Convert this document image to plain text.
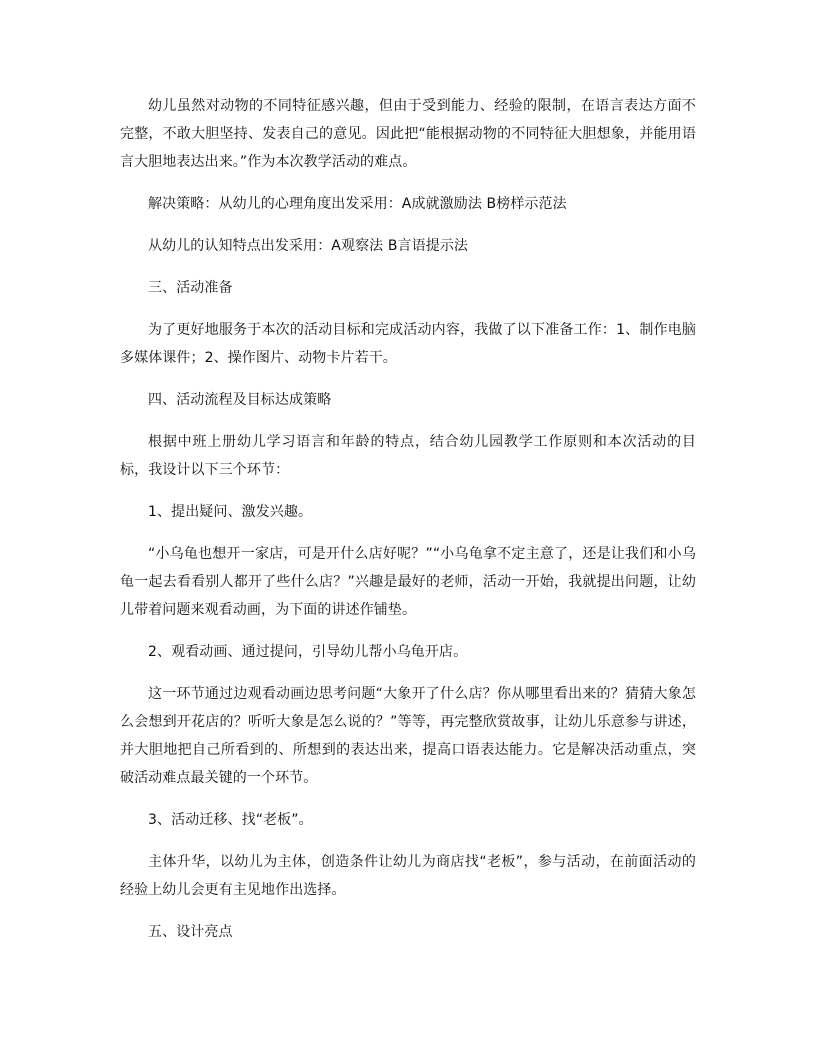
幼儿虽然对动物的不同特征感兴趣，但由于受到能力、经验的限制，在语言表达方面不完整，不敢大胆坚持、发表自己的意见。因此把“能根据动物的不同特征大胆想象，并能用语言大胆地表达出来。”作为本次教学活动的难点。

解决策略：从幼儿的心理角度出发采用：A成就激励法 B榜样示范法

从幼儿的认知特点出发采用：A观察法 B言语提示法

三、活动准备

为了更好地服务于本次的活动目标和完成活动内容，我做了以下准备工作：1、制作电脑多媒体课件；2、操作图片、动物卡片若干。

四、活动流程及目标达成策略

根据中班上册幼儿学习语言和年龄的特点，结合幼儿园教学工作原则和本次活动的目标，我设计以下三个环节：

1、提出疑问、激发兴趣。

“小乌龟也想开一家店，可是开什么店好呢？”“小乌龟拿不定主意了，还是让我们和小乌龟一起去看看别人都开了些什么店？”兴趣是最好的老师，活动一开始，我就提出问题，让幼儿带着问题来观看动画，为下面的讲述作铺垫。

2、观看动画、通过提问，引导幼儿帮小乌龟开店。

这一环节通过边观看动画边思考问题“大象开了什么店？你从哪里看出来的？猜猜大象怎么会想到开花店的？听听大象是怎么说的？”等等，再完整欣赏故事，让幼儿乐意参与讲述，并大胆地把自己所看到的、所想到的表达出来，提高口语表达能力。它是解决活动重点，突破活动难点最关键的一个环节。

3、活动迁移、找“老板”。

主体升华，以幼儿为主体，创造条件让幼儿为商店找“老板”，参与活动，在前面活动的经验上幼儿会更有主见地作出选择。

五、设计亮点
